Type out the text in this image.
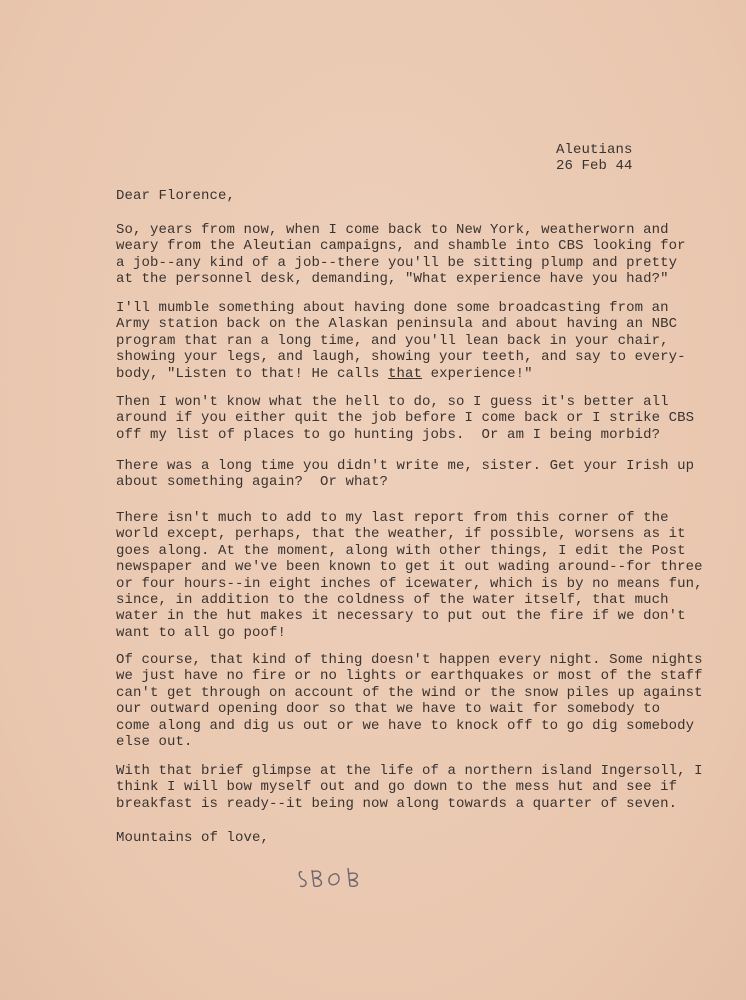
Aleutians
26 Feb 44
Dear Florence,
So, years from now, when I come back to New York, weatherworn and
weary from the Aleutian campaigns, and shamble into CBS looking for
a job--any kind of a job--there you'll be sitting plump and pretty
at the personnel desk, demanding, "What experience have you had?"
I'll mumble something about having done some broadcasting from an
Army station back on the Alaskan peninsula and about having an NBC
program that ran a long time, and you'll lean back in your chair,
showing your legs, and laugh, showing your teeth, and say to every-
body, "Listen to that! He calls that experience!"
Then I won't know what the hell to do, so I guess it's better all
around if you either quit the job before I come back or I strike CBS
off my list of places to go hunting jobs.  Or am I being morbid?
There was a long time you didn't write me, sister. Get your Irish up
about something again?  Or what?
There isn't much to add to my last report from this corner of the
world except, perhaps, that the weather, if possible, worsens as it
goes along. At the moment, along with other things, I edit the Post
newspaper and we've been known to get it out wading around--for three
or four hours--in eight inches of icewater, which is by no means fun,
since, in addition to the coldness of the water itself, that much
water in the hut makes it necessary to put out the fire if we don't
want to all go poof!
Of course, that kind of thing doesn't happen every night. Some nights
we just have no fire or no lights or earthquakes or most of the staff
can't get through on account of the wind or the snow piles up against
our outward opening door so that we have to wait for somebody to
come along and dig us out or we have to knock off to go dig somebody
else out.
With that brief glimpse at the life of a northern island Ingersoll, I
think I will bow myself out and go down to the mess hut and see if
breakfast is ready--it being now along towards a quarter of seven.
Mountains of love,
